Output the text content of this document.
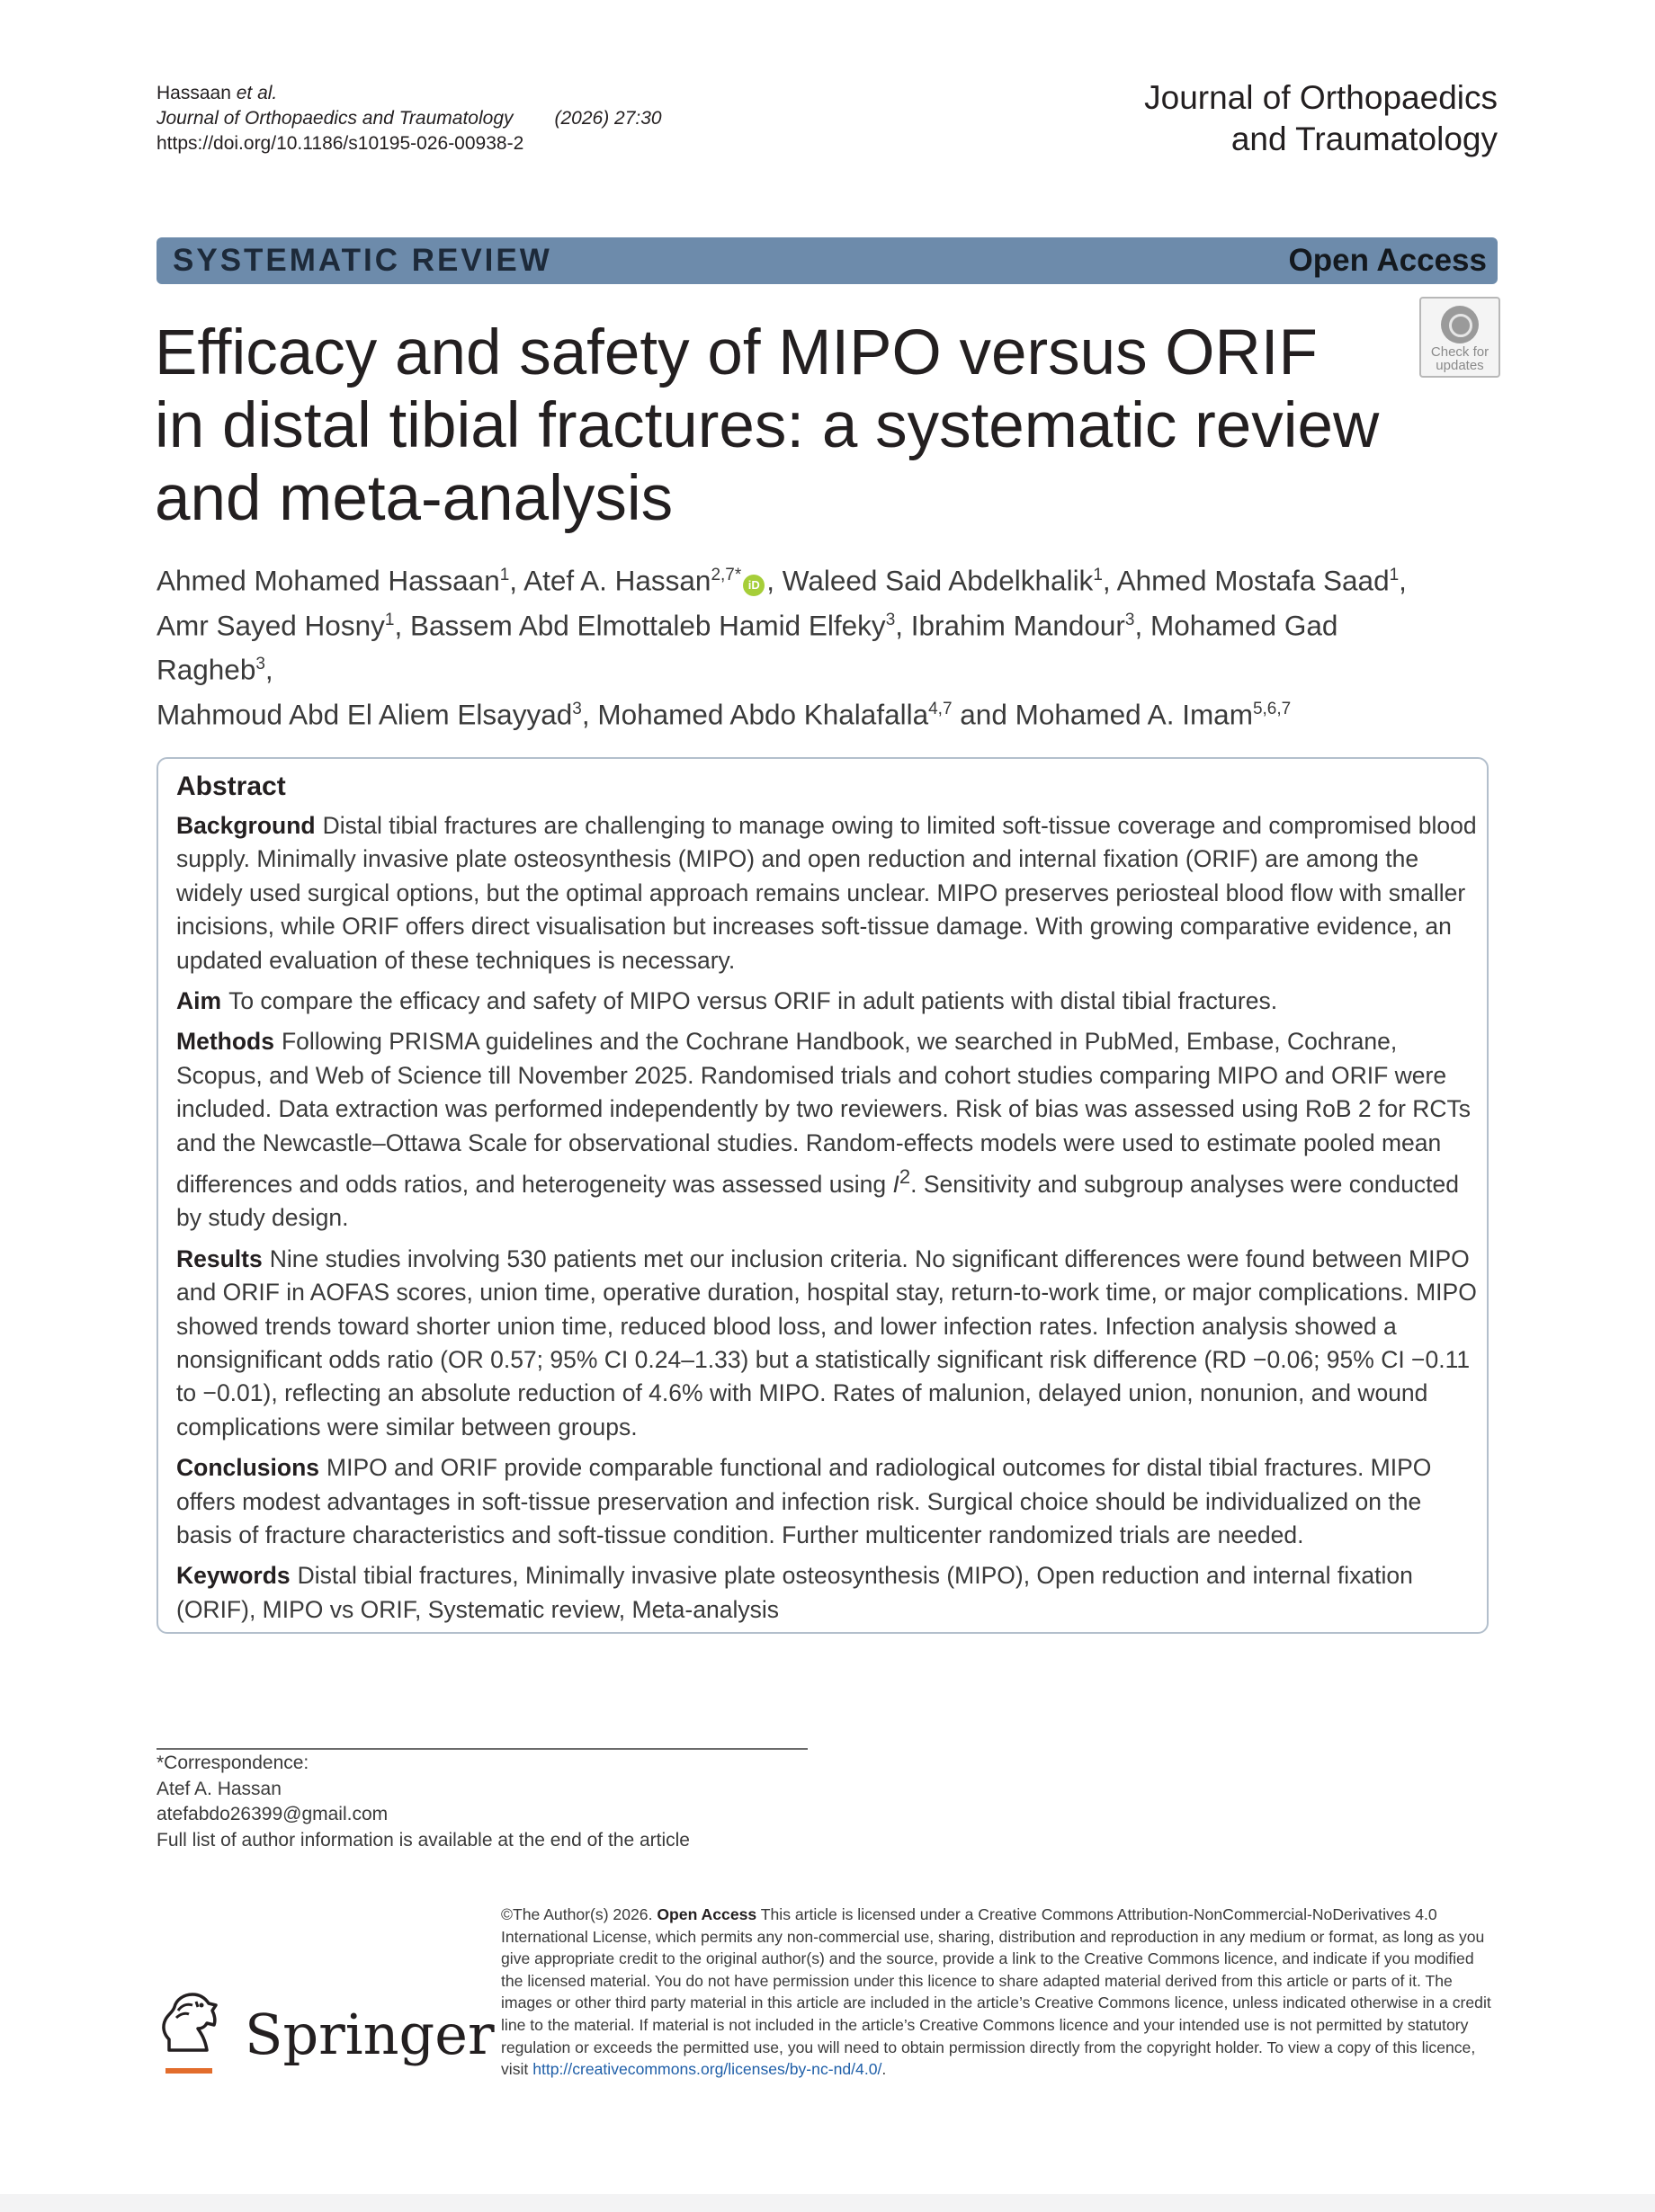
Hassaan et al.
Journal of Orthopaedics and Traumatology (2026) 27:30
https://doi.org/10.1186/s10195-026-00938-2
Journal of Orthopaedics
and Traumatology
SYSTEMATIC REVIEW	Open Access
Check for
updates
Efficacy and safety of MIPO versus ORIF
in distal tibial fractures: a systematic review
and meta-analysis
Ahmed Mohamed Hassaan$^1$, Atef A. Hassan$^{2,7*}$ iD , Waleed Said Abdelkhalik$^1$, Ahmed Mostafa Saad$^1$,
Amr Sayed Hosny$^1$, Bassem Abd Elmottaleb Hamid Elfeky$^3$, Ibrahim Mandour$^3$, Mohamed Gad Ragheb$^3$,
Mahmoud Abd El Aliem Elsayyad$^3$, Mohamed Abdo Khalafalla$^{4,7}$ and Mohamed A. Imam$^{5,6,7}$
Abstract

Background Distal tibial fractures are challenging to manage owing to limited soft-tissue coverage and compromised blood supply. Minimally invasive plate osteosynthesis (MIPO) and open reduction and internal fixation (ORIF) are among the widely used surgical options, but the optimal approach remains unclear. MIPO preserves periosteal blood flow with smaller incisions, while ORIF offers direct visualisation but increases soft-tissue damage. With growing comparative evidence, an updated evaluation of these techniques is necessary.

Aim To compare the efficacy and safety of MIPO versus ORIF in adult patients with distal tibial fractures.

Methods Following PRISMA guidelines and the Cochrane Handbook, we searched in PubMed, Embase, Cochrane, Scopus, and Web of Science till November 2025. Randomised trials and cohort studies comparing MIPO and ORIF were included. Data extraction was performed independently by two reviewers. Risk of bias was assessed using RoB 2 for RCTs and the Newcastle–Ottawa Scale for observational studies. Random-effects models were used to estimate pooled mean differences and odds ratios, and heterogeneity was assessed using $I^2$. Sensitivity and subgroup analyses were conducted by study design.

Results Nine studies involving 530 patients met our inclusion criteria. No significant differences were found between MIPO and ORIF in AOFAS scores, union time, operative duration, hospital stay, return-to-work time, or major complications. MIPO showed trends toward shorter union time, reduced blood loss, and lower infection rates. Infection analysis showed a nonsignificant odds ratio (OR 0.57; 95% CI 0.24–1.33) but a statistically significant risk difference (RD −0.06; 95% CI −0.11 to −0.01), reflecting an absolute reduction of 4.6% with MIPO. Rates of malunion, delayed union, nonunion, and wound complications were similar between groups.

Conclusions MIPO and ORIF provide comparable functional and radiological outcomes for distal tibial fractures. MIPO offers modest advantages in soft-tissue preservation and infection risk. Surgical choice should be individualized on the basis of fracture characteristics and soft-tissue condition. Further multicenter randomized trials are needed.

Keywords Distal tibial fractures, Minimally invasive plate osteosynthesis (MIPO), Open reduction and internal fixation (ORIF), MIPO vs ORIF, Systematic review, Meta-analysis

*Correspondence:
Atef A. Hassan
atefabdo26399@gmail.com
Full list of author information is available at the end of the article
Springer
©The Author(s) 2026. Open Access This article is licensed under a Creative Commons Attribution-NonCommercial-NoDerivatives 4.0 International License, which permits any non-commercial use, sharing, distribution and reproduction in any medium or format, as long as you give appropriate credit to the original author(s) and the source, provide a link to the Creative Commons licence, and indicate if you modified the licensed material. You do not have permission under this licence to share adapted material derived from this article or parts of it. The images or other third party material in this article are included in the article’s Creative Commons licence, unless indicated otherwise in a credit line to the material. If material is not included in the article’s Creative Commons licence and your intended use is not permitted by statutory regulation or exceeds the permitted use, you will need to obtain permission directly from the copyright holder. To view a copy of this licence, visit http://creativecommons.org/licenses/by-nc-nd/4.0/.
